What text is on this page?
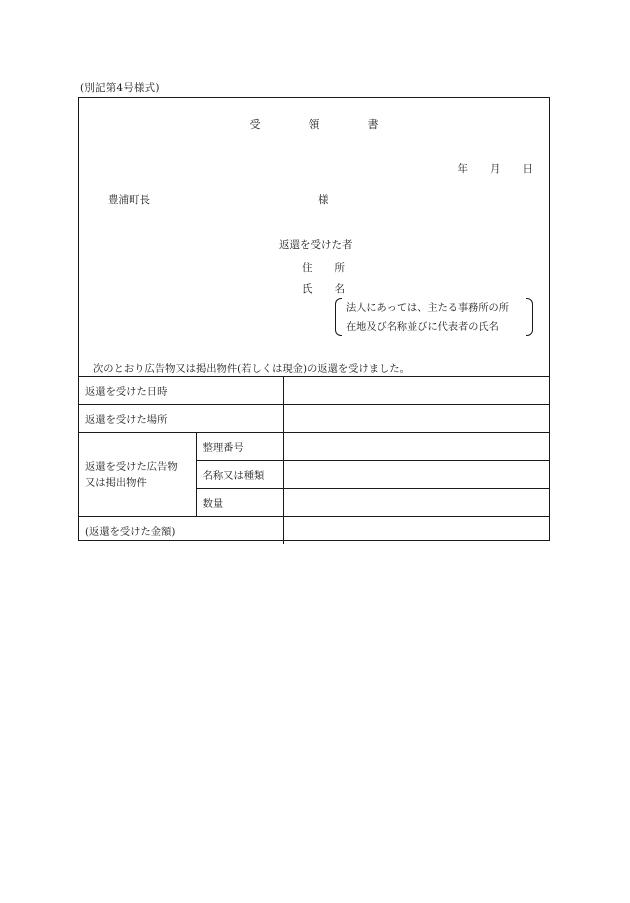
(別記第4号様式)
受	領	書
年 月 日
豊浦町長	様
返還を受けた者
住 所
氏 名
法人にあっては、主たる事務所の所
在地及び名称並びに代表者の氏名
次のとおり広告物又は掲出物件(若しくは現金)の返還を受けました。
返還を受けた日時		
返還を受けた場所		

返還を受けた広告物
又は掲出物件	整理番号	
	名称又は種類	
	数量	
(返還を受けた金額)		
